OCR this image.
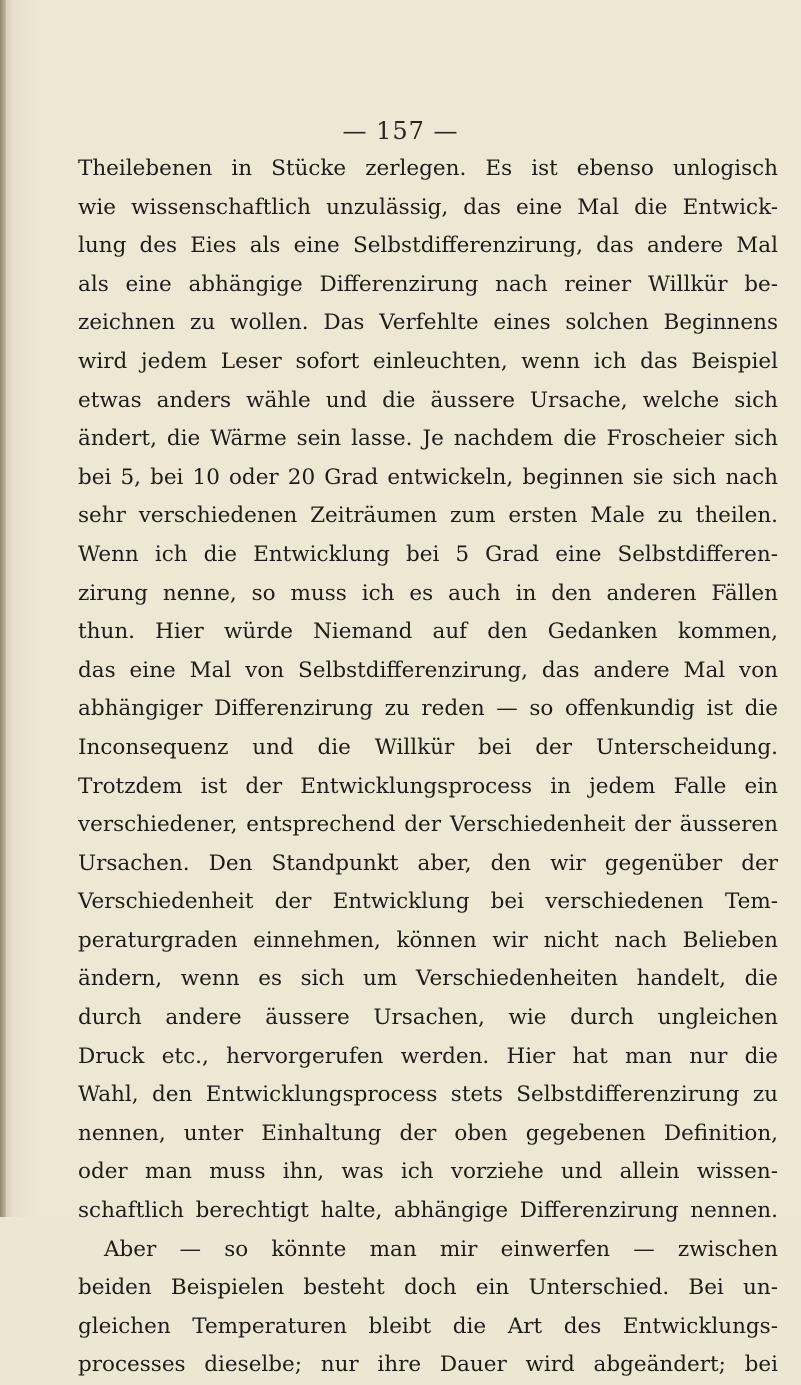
— 157 —
Theilebenen in Stücke zerlegen. Es ist ebenso unlogisch
wie wissenschaftlich unzulässig, das eine Mal die Entwick-
lung des Eies als eine Selbstdifferenzirung, das andere Mal
als eine abhängige Differenzirung nach reiner Willkür be-
zeichnen zu wollen. Das Verfehlte eines solchen Beginnens
wird jedem Leser sofort einleuchten, wenn ich das Beispiel
etwas anders wähle und die äussere Ursache, welche sich
ändert, die Wärme sein lasse. Je nachdem die Froscheier sich
bei 5, bei 10 oder 20 Grad entwickeln, beginnen sie sich nach
sehr verschiedenen Zeiträumen zum ersten Male zu theilen.
Wenn ich die Entwicklung bei 5 Grad eine Selbstdifferen-
zirung nenne, so muss ich es auch in den anderen Fällen
thun. Hier würde Niemand auf den Gedanken kommen,
das eine Mal von Selbstdifferenzirung, das andere Mal von
abhängiger Differenzirung zu reden — so offenkundig ist die
Inconsequenz und die Willkür bei der Unterscheidung.
Trotzdem ist der Entwicklungsprocess in jedem Falle ein
verschiedener, entsprechend der Verschiedenheit der äusseren
Ursachen. Den Standpunkt aber, den wir gegenüber der
Verschiedenheit der Entwicklung bei verschiedenen Tem-
peraturgraden einnehmen, können wir nicht nach Belieben
ändern, wenn es sich um Verschiedenheiten handelt, die
durch andere äussere Ursachen, wie durch ungleichen
Druck etc., hervorgerufen werden. Hier hat man nur die
Wahl, den Entwicklungsprocess stets Selbstdifferenzirung zu
nennen, unter Einhaltung der oben gegebenen Definition,
oder man muss ihn, was ich vorziehe und allein wissen-
schaftlich berechtigt halte, abhängige Differenzirung nennen.
Aber — so könnte man mir einwerfen — zwischen
beiden Beispielen besteht doch ein Unterschied. Bei un-
gleichen Temperaturen bleibt die Art des Entwicklungs-
processes dieselbe; nur ihre Dauer wird abgeändert; bei
